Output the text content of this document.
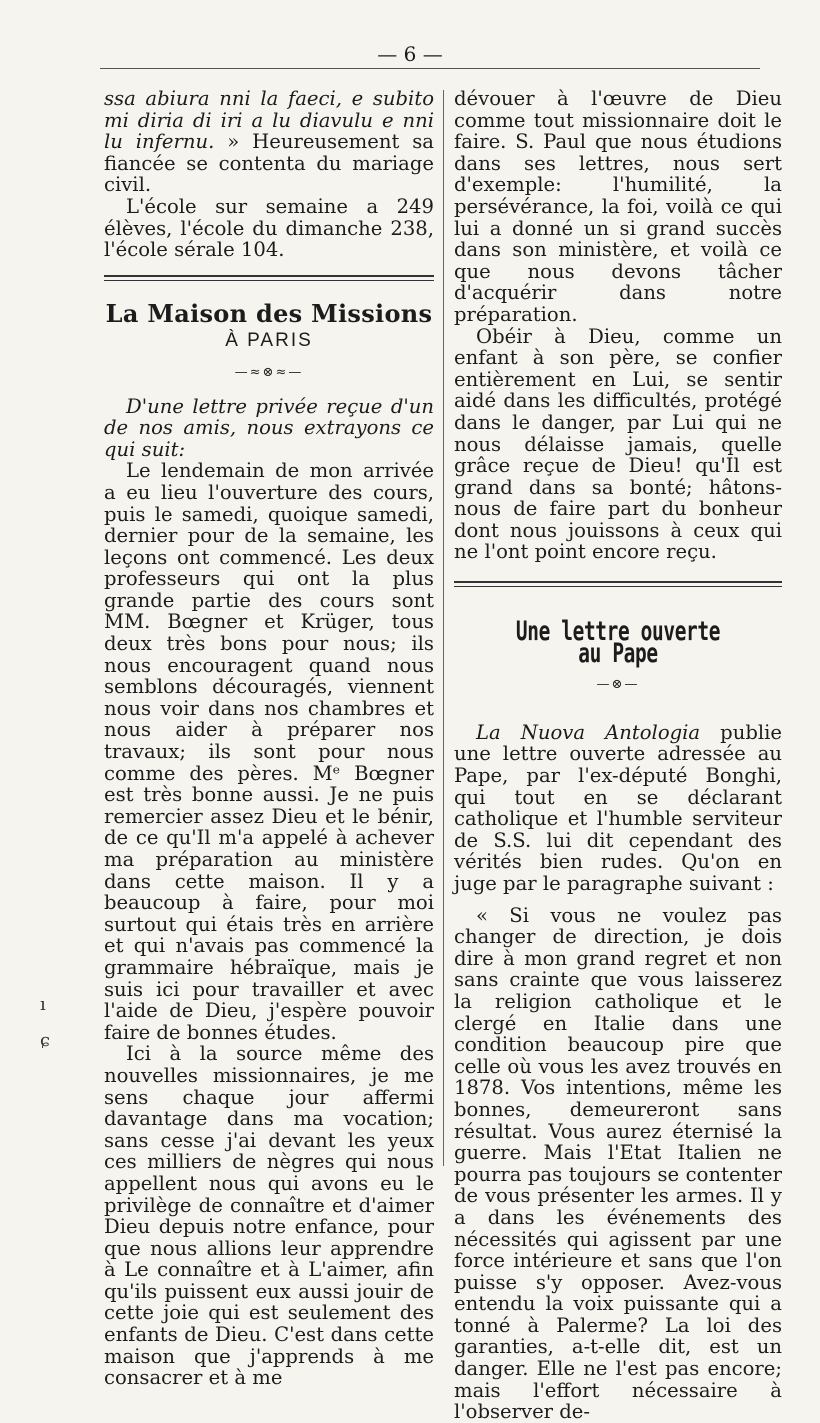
— 6 —
ı
ɕ

ssa abiura nni la faeci, e subito mi diria di iri a lu diavulu e nni lu infernu. » Heureusement sa fiancée se contenta du mariage civil.

L'école sur semaine a 249 élèves, l'école du dimanche 238, l'école sérale 104.

La Maison des Missions
À PARIS
—≈⊗≈—

D'une lettre privée reçue d'un de nos amis, nous extrayons ce qui suit:

Le lendemain de mon arrivée a eu lieu l'ouverture des cours, puis le samedi, quoique samedi, dernier pour de la semaine, les leçons ont commencé. Les deux professeurs qui ont la plus grande partie des cours sont MM. Bœgner et Krüger, tous deux très bons pour nous; ils nous encouragent quand nous semblons découragés, viennent nous voir dans nos chambres et nous aider à préparer nos travaux; ils sont pour nous comme des pères. Mᵉ Bœgner est très bonne aussi. Je ne puis remercier assez Dieu et le bénir, de ce qu'Il m'a appelé à achever ma préparation au ministère dans cette maison. Il y a beaucoup à faire, pour moi surtout qui étais très en arrière et qui n'avais pas commencé la grammaire hébraïque, mais je suis ici pour travailler et avec l'aide de Dieu, j'espère pouvoir faire de bonnes études.

Ici à la source même des nouvelles missionnaires, je me sens chaque jour affermi davantage dans ma vocation; sans cesse j'ai devant les yeux ces milliers de nègres qui nous appellent nous qui avons eu le privilège de connaître et d'aimer Dieu depuis notre enfance, pour que nous allions leur apprendre à Le connaître et à L'aimer, afin qu'ils puissent eux aussi jouir de cette joie qui est seulement des enfants de Dieu. C'est dans cette maison que j'apprends à me consacrer et à me

dévouer à l'œuvre de Dieu comme tout missionnaire doit le faire. S. Paul que nous étudions dans ses lettres, nous sert d'exemple: l'humilité, la persévérance, la foi, voilà ce qui lui a donné un si grand succès dans son ministère, et voilà ce que nous devons tâcher d'acquérir dans notre préparation.

Obéir à Dieu, comme un enfant à son père, se confier entièrement en Lui, se sentir aidé dans les difficultés, protégé dans le danger, par Lui qui ne nous délaisse jamais, quelle grâce reçue de Dieu! qu'Il est grand dans sa bonté; hâtons-nous de faire part du bonheur dont nous jouissons à ceux qui ne l'ont point encore reçu.

Une lettre ouverte au Pape
—⊗—

La Nuova Antologia publie une lettre ouverte adressée au Pape, par l'ex-député Bonghi, qui tout en se déclarant catholique et l'humble serviteur de S.S. lui dit cependant des vérités bien rudes. Qu'on en juge par le paragraphe suivant :

« Si vous ne voulez pas changer de direction, je dois dire à mon grand regret et non sans crainte que vous laisserez la religion catholique et le clergé en Italie dans une condition beaucoup pire que celle où vous les avez trouvés en 1878. Vos intentions, même les bonnes, demeureront sans résultat. Vous aurez éternisé la guerre. Mais l'Etat Italien ne pourra pas toujours se contenter de vous présenter les armes. Il y a dans les événements des nécessités qui agissent par une force intérieure et sans que l'on puisse s'y opposer. Avez-vous entendu la voix puissante qui a tonné à Palerme? La loi des garanties, a-t-elle dit, est un danger. Elle ne l'est pas encore; mais l'effort nécessaire à l'observer de-
